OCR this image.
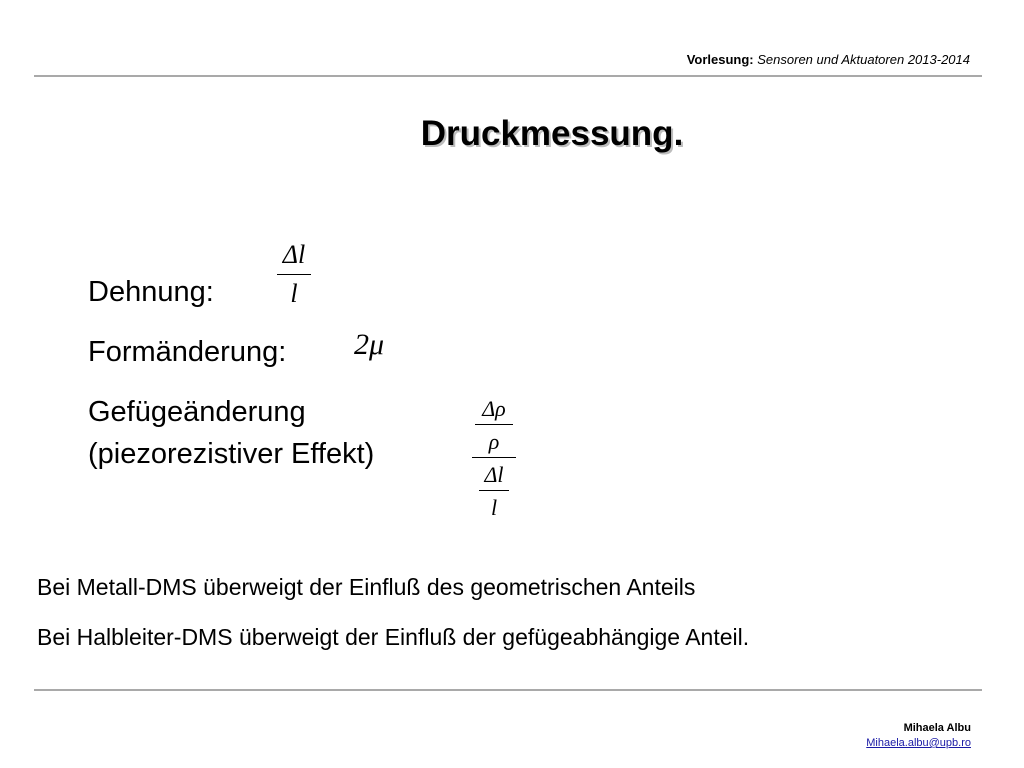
Vorlesung: Sensoren und Aktuatoren 2013-2014
Druckmessung.
Dehnung:
Δl
l
Formänderung: 2μ
Gefügeänderung
(piezorezistiver Effekt)
Δρ
ρ
Δl
l
Bei Metall-DMS überweigt der Einfluß des geometrischen Anteils
Bei Halbleiter-DMS überweigt der Einfluß der gefügeabhängige Anteil.
Mihaela Albu
Mihaela.albu@upb.ro
